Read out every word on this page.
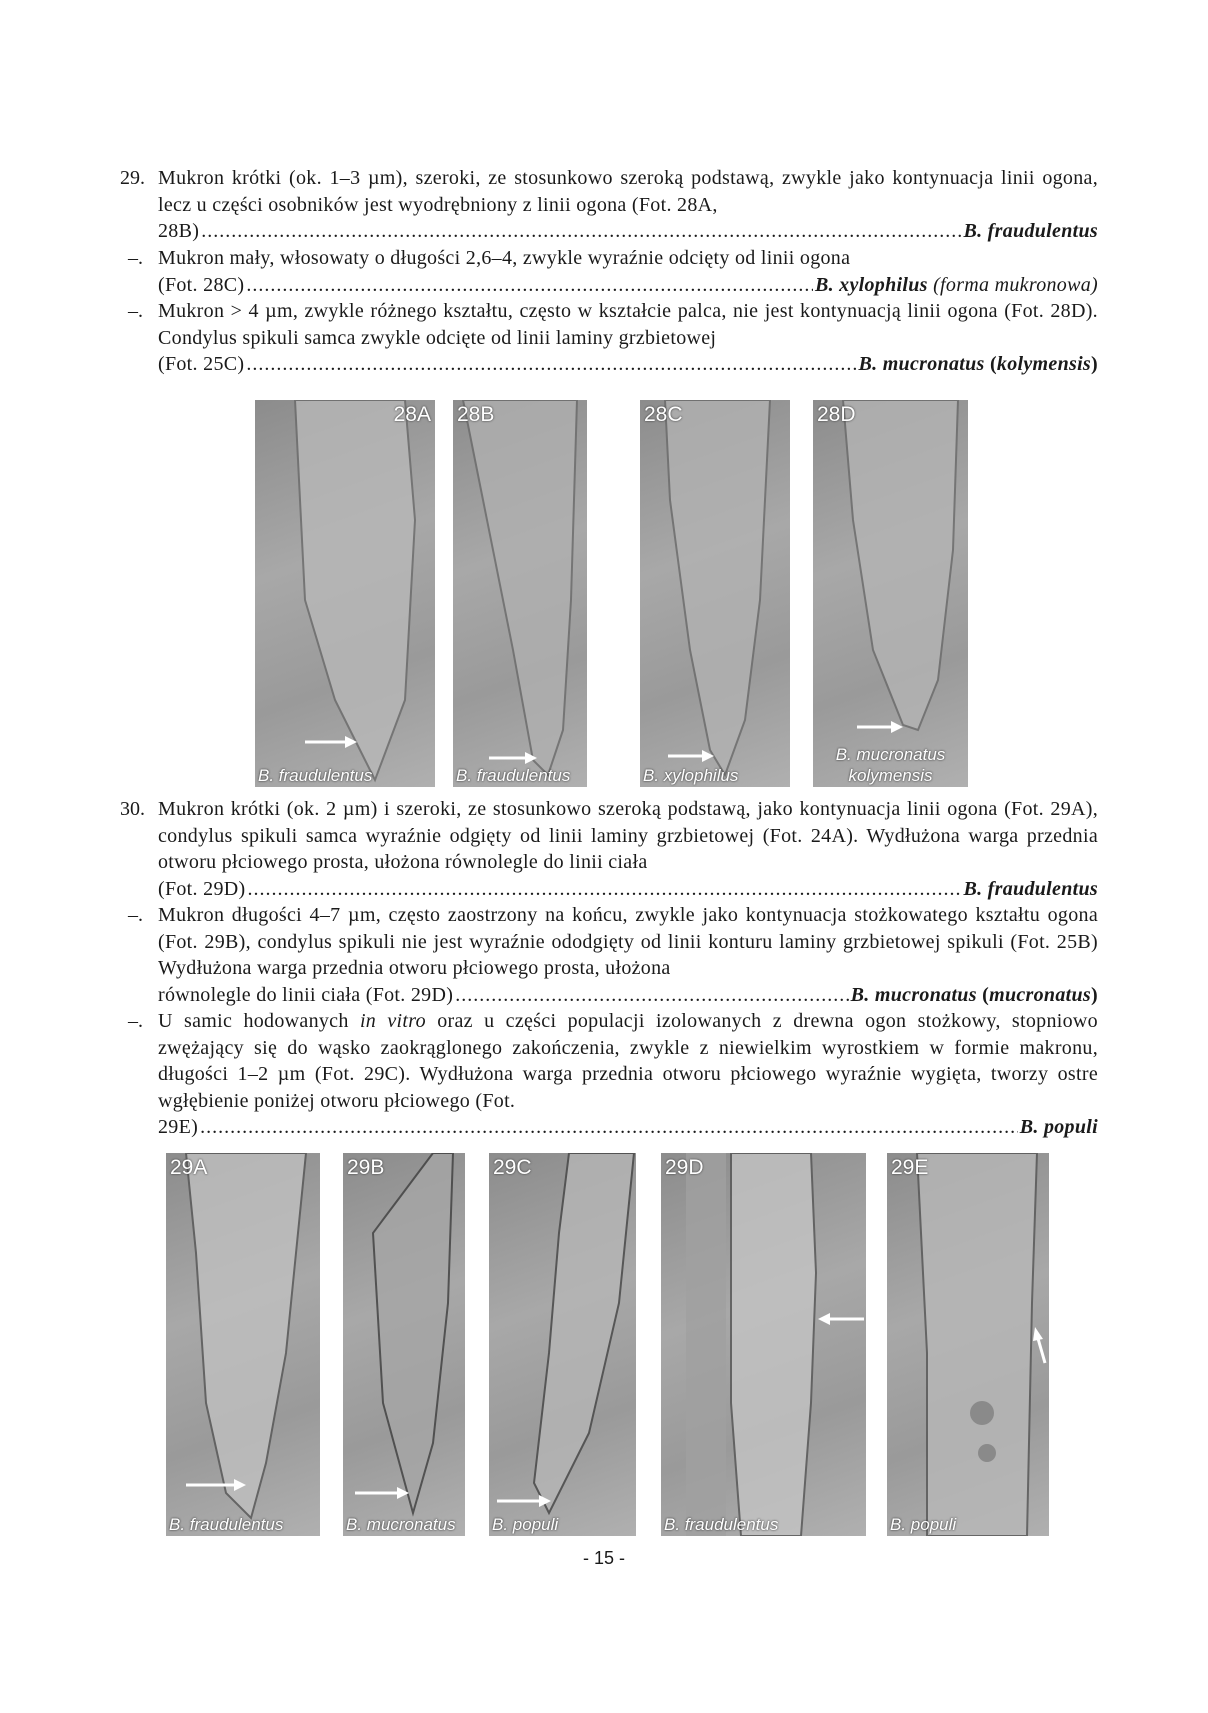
29. Mukron krótki (ok. 1–3 µm), szeroki, ze stosunkowo szeroką podstawą, zwykle jako kontynuacja linii ogona, lecz u części osobników jest wyodrębniony z linii ogona (Fot. 28A,
28B) .....	B. fraudulentus
–. Mukron mały, włosowaty o długości 2,6–4, zwykle wyraźnie odcięty od linii ogona
(Fot. 28C) .....	B. xylophilus (forma mukronowa)
–. Mukron > 4 µm, zwykle różnego kształtu, często w kształcie palca, nie jest kontynuacją linii ogona (Fot. 28D). Condylus spikuli samca zwykle odcięte od linii laminy grzbietowej
(Fot. 25C) .....	B. mucronatus (kolymensis)
28A
B. fraudulentus
28B
B. fraudulentus
28C
B. xylophilus
28D
B. mucronatus
kolymensis
30. Mukron krótki (ok. 2 µm) i szeroki, ze stosunkowo szeroką podstawą, jako kontynuacja linii ogona (Fot. 29A), condylus spikuli samca wyraźnie odgięty od linii laminy grzbietowej (Fot. 24A). Wydłużona warga przednia otworu płciowego prosta, ułożona równolegle do linii ciała
(Fot. 29D) .....	B. fraudulentus
–. Mukron długości 4–7 µm, często zaostrzony na końcu, zwykle jako kontynuacja stożkowatego kształtu ogona (Fot. 29B), condylus spikuli nie jest wyraźnie ododgięty od linii konturu laminy grzbietowej spikuli (Fot. 25B) Wydłużona warga przednia otworu płciowego prosta, ułożona
równolegle do linii ciała (Fot. 29D) .....	B. mucronatus (mucronatus)
–. U samic hodowanych in vitro oraz u części populacji izolowanych z drewna ogon stożkowy, stopniowo zwężający się do wąsko zaokrąglonego zakończenia, zwykle z niewielkim wyrostkiem w formie makronu, długości 1–2 µm (Fot. 29C). Wydłużona warga przednia otworu płciowego wyraźnie wygięta, tworzy ostre wgłębienie poniżej otworu płciowego (Fot.
29E) .....	B. populi
29A
B. fraudulentus
29B
B. mucronatus
29C
B. populi
29D
B. fraudulentus
29E
B. populi
- 15 -
